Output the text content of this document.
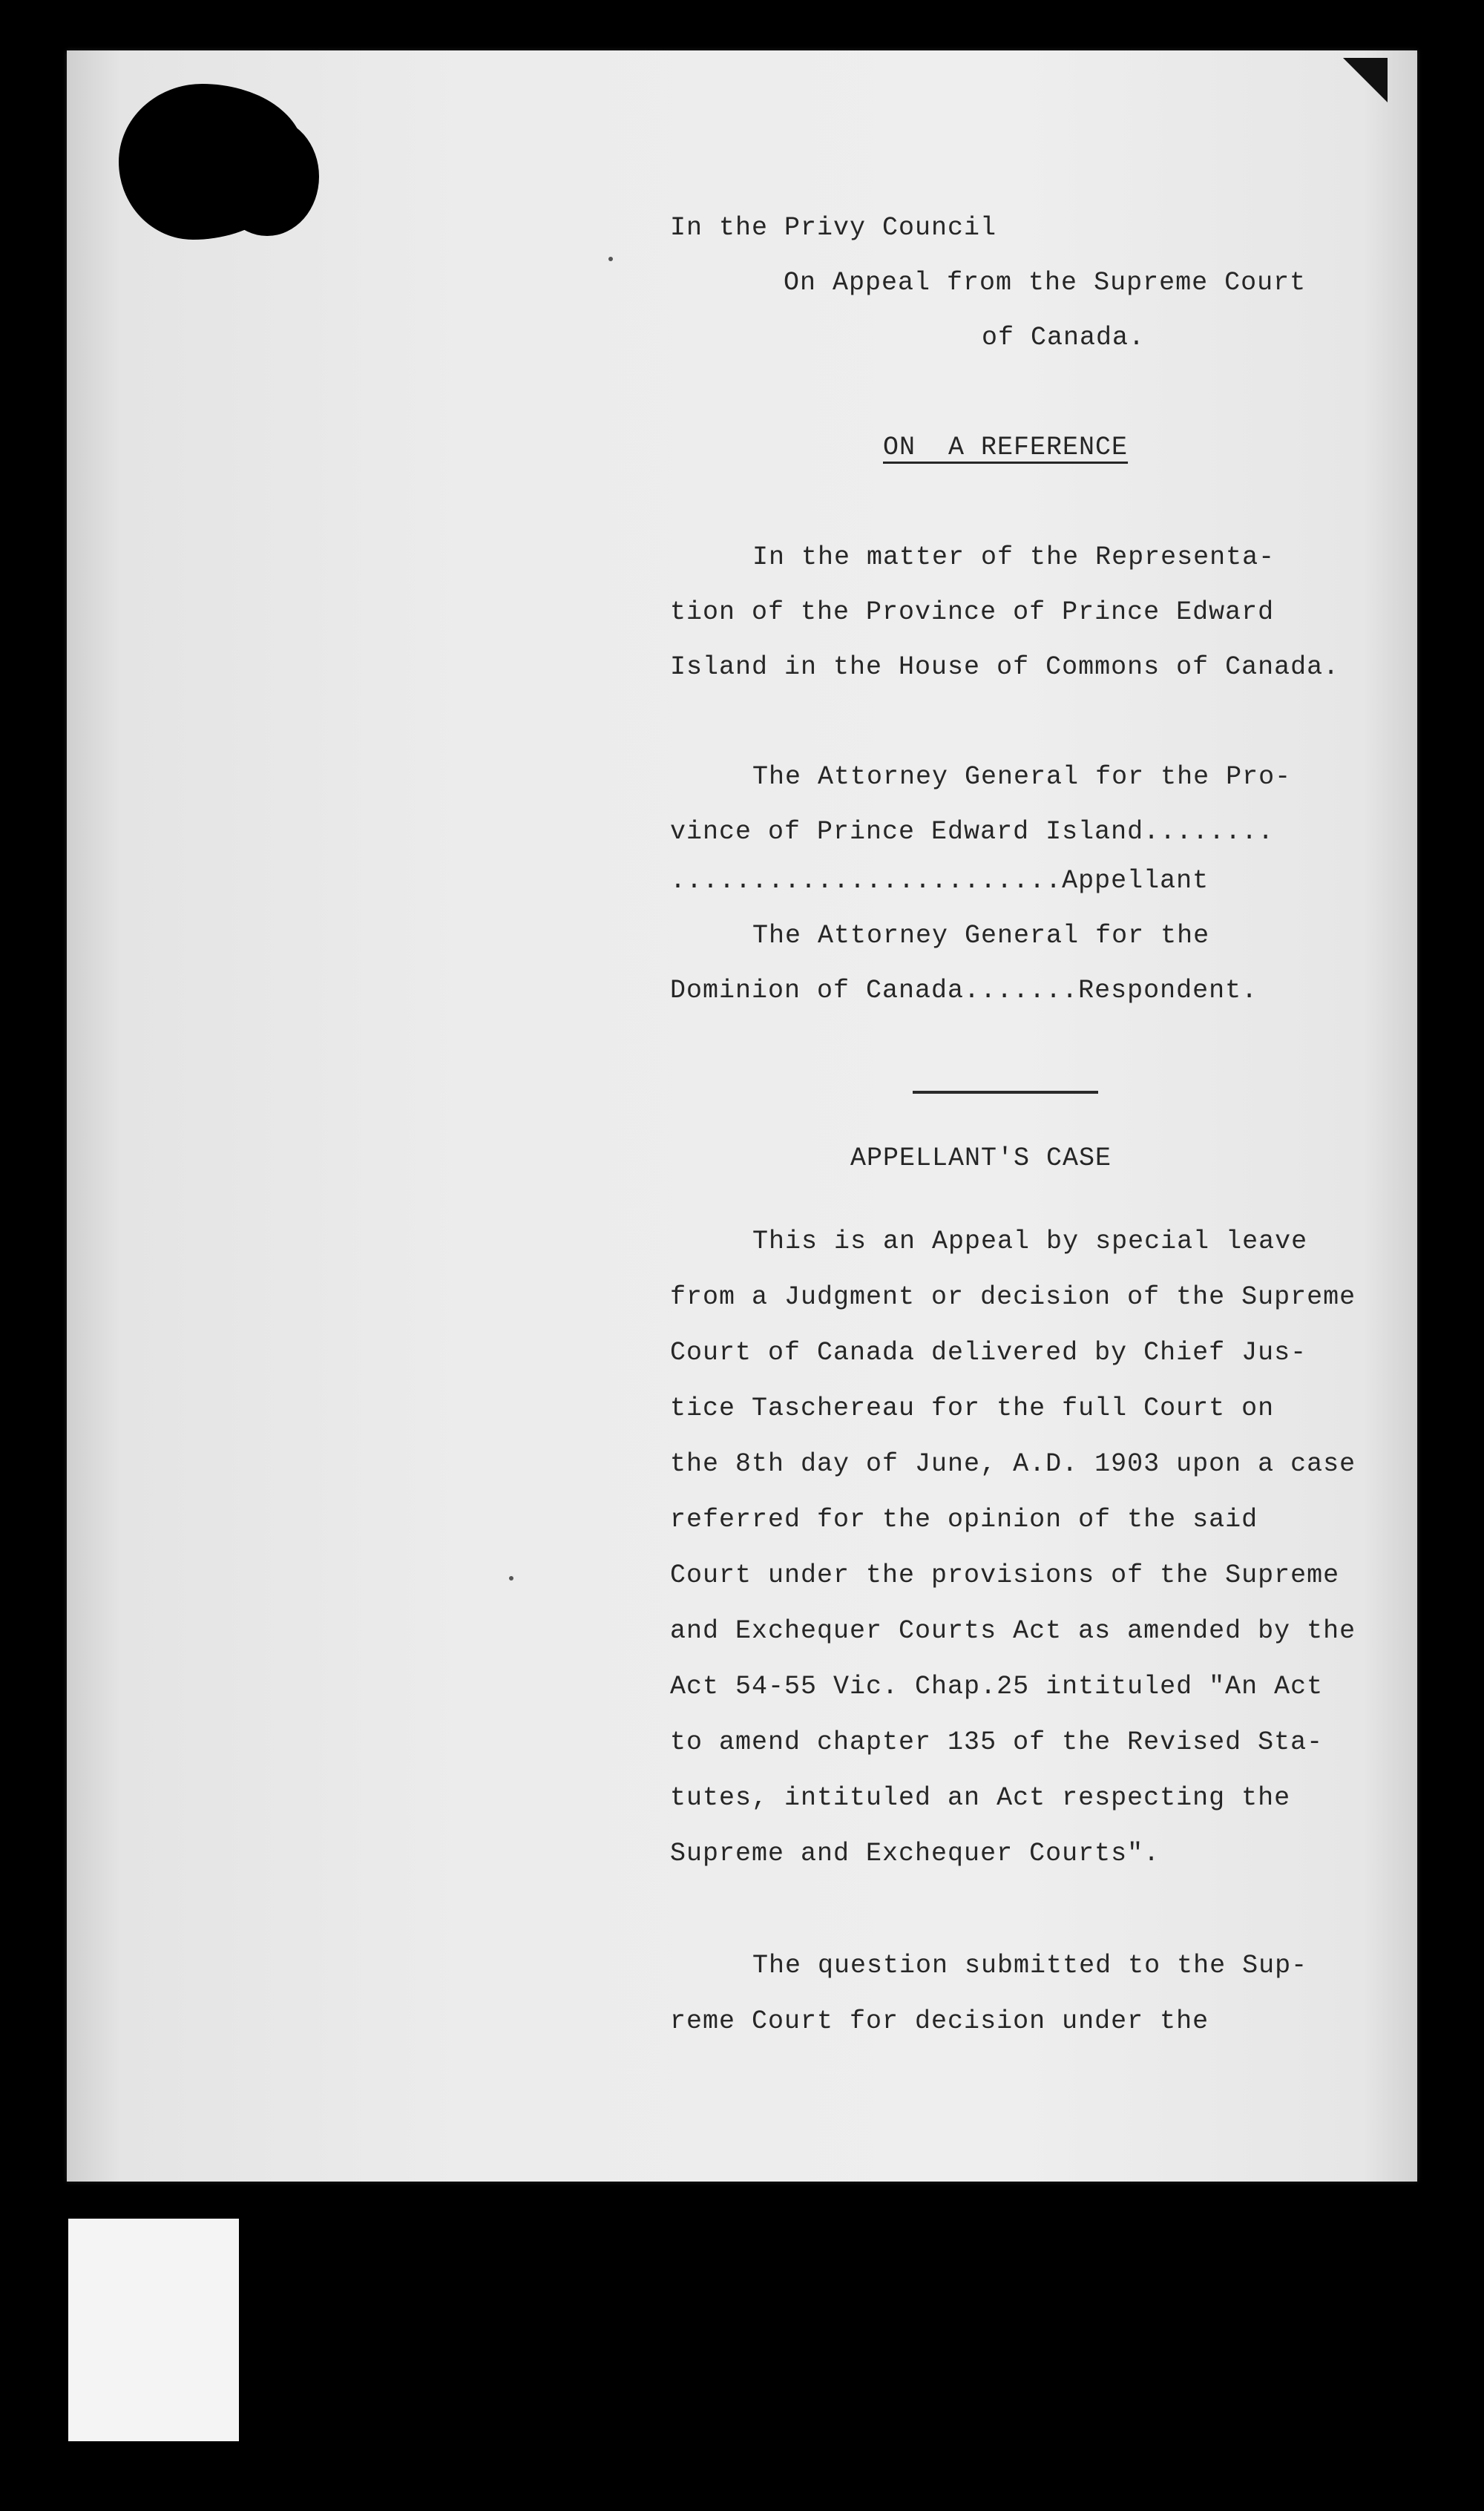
In the Privy Council
On Appeal from the Supreme Court
of Canada.
ON  A REFERENCE
In the matter of the Representa-
tion of the Province of Prince Edward
Island in the House of Commons of Canada.
The Attorney General for the Pro-
vince of Prince Edward Island........
........................Appellant
The Attorney General for the
Dominion of Canada.......Respondent.
APPELLANT'S CASE
This is an Appeal by special leave
from a Judgment or decision of the Supreme
Court of Canada delivered by Chief Jus-
tice Taschereau for the full Court on
the 8th day of June, A.D. 1903 upon a case
referred for the opinion of the said
Court under the provisions of the Supreme
and Exchequer Courts Act as amended by the
Act 54-55 Vic. Chap.25 intituled "An Act
to amend chapter 135 of the Revised Sta-
tutes, intituled an Act respecting the
Supreme and Exchequer Courts".
The question submitted to the Sup-
reme Court for decision under the
